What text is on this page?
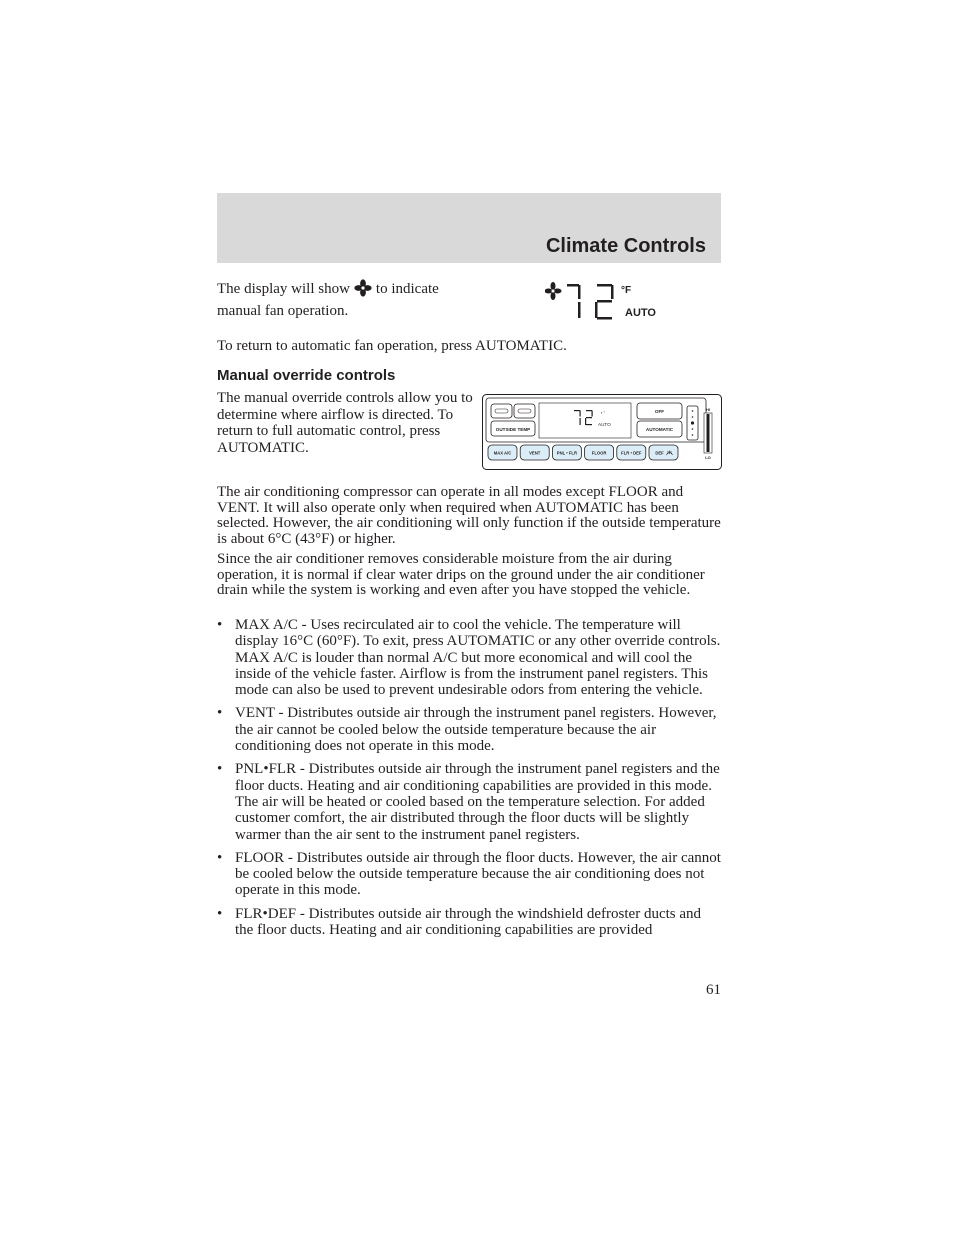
Climate Controls
The display will show to indicate manual fan operation.
°F
AUTO
To return to automatic fan operation, press AUTOMATIC.
Manual override controls
The manual override controls allow you to determine where airflow is directed. To return to full automatic control, press AUTOMATIC.
OUTSIDE TEMP
AUTO
▪ °	OFF
AUTOMATIC
HI
LO
MAX A/C	VENT	PNL • FLR	FLOOR	FLR • DEF	DEF
The air conditioning compressor can operate in all modes except FLOOR and VENT. It will also operate only when required when AUTOMATIC has been selected. However, the air conditioning will only function if the outside temperature is about 6°C (43°F) or higher.
Since the air conditioner removes considerable moisture from the air during operation, it is normal if clear water drips on the ground under the air conditioner drain while the system is working and even after you have stopped the vehicle.
• MAX A/C - Uses recirculated air to cool the vehicle. The temperature will display 16°C (60°F). To exit, press AUTOMATIC or any other override controls. MAX A/C is louder than normal A/C but more economical and will cool the inside of the vehicle faster. Airflow is from the instrument panel registers. This mode can also be used to prevent undesirable odors from entering the vehicle.
• VENT - Distributes outside air through the instrument panel registers. However, the air cannot be cooled below the outside temperature because the air conditioning does not operate in this mode.
• PNL•FLR - Distributes outside air through the instrument panel registers and the floor ducts. Heating and air conditioning capabilities are provided in this mode. The air will be heated or cooled based on the temperature selection. For added customer comfort, the air distributed through the floor ducts will be slightly warmer than the air sent to the instrument panel registers.
• FLOOR - Distributes outside air through the floor ducts. However, the air cannot be cooled below the outside temperature because the air conditioning does not operate in this mode.
• FLR•DEF - Distributes outside air through the windshield defroster ducts and the floor ducts. Heating and air conditioning capabilities are provided
61
